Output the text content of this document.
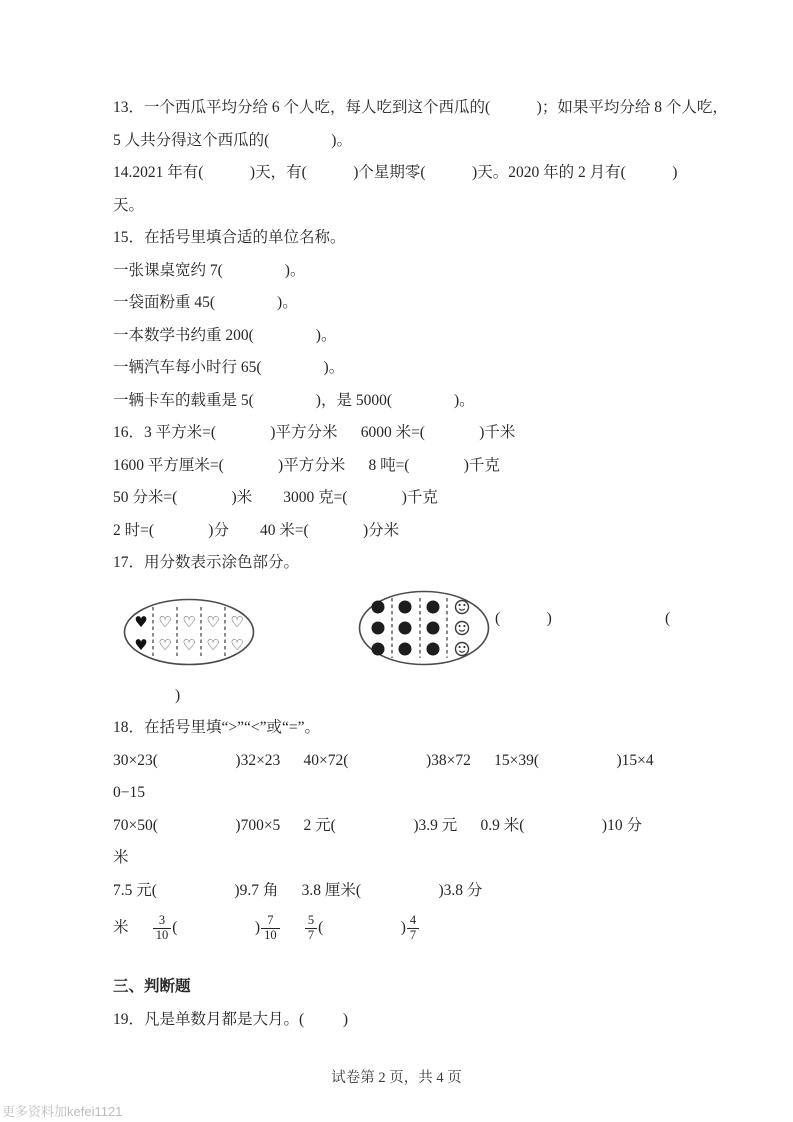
13．一个西瓜平均分给 6 个人吃，每人吃到这个西瓜的(            )；如果平均分给 8 个人吃，

5 人共分得这个西瓜的(                )。

14.2021 年有(            )天，有(            )个星期零(            )天。2020 年的 2 月有(            )

天。

15．在括号里填合适的单位名称。

一张课桌宽约 7(                )。

一袋面粉重 45(                )。

一本数学书约重 200(                )。

一辆汽车每小时行 65(                )。

一辆卡车的载重是 5(                )，是 5000(                )。

16．3 平方米=(              )平方分米      6000 米=(              )千米

1600 平方厘米=(              )平方分米      8 吨=(              )千克

50 分米=(              )米        3000 克=(              )千克

2 时=(              )分        40 米=(              )分米

17．用分数表示涂色部分。

♥ ♡ ♡ ♡ ♡
♥ ♡ ♡ ♡ ♡
(            )	(

)

18．在括号里填“>”“<”或“=”。

30×23(                    )32×23      40×72(                    )38×72      15×39(                    )15×4

0−15

70×50(                    )700×5      2 元(                    )3.9 元      0.9 米(                    )10 分

米

7.5 元(                    )9.7 角      3.8 厘米(                    )3.8 分

米
$\frac{3}{10}$ (                    ) $\frac{7}{10}$
$\frac{5}{7}$ (                    ) $\frac{4}{7}$

三、判断题

19．凡是单数月都是大月。(          )

试卷第 2 页，共 4 页
更多资料加kefei1121
